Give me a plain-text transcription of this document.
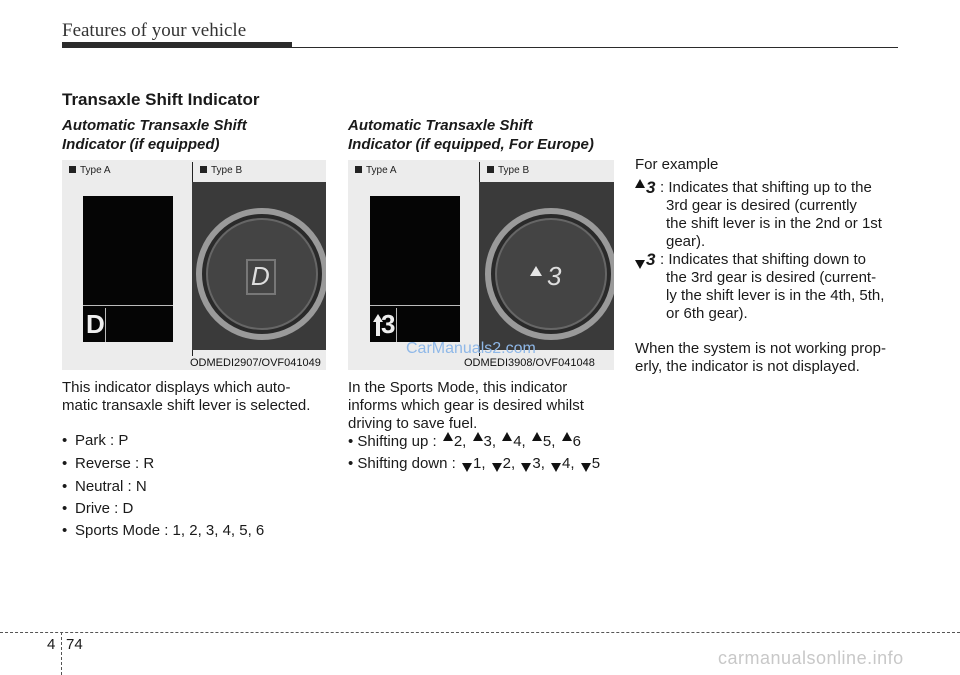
Features of your vehicle
Transaxle Shift Indicator
Automatic Transaxle Shift
Indicator (if equipped)
Type A	Type B
D
D
ODMEDI2907/OVF041049
This indicator displays which auto-
matic transaxle shift lever is selected.
• Park : P
• Reverse : R
• Neutral : N
• Drive : D
• Sports Mode : 1, 2, 3, 4, 5, 6
Automatic Transaxle Shift
Indicator (if equipped, For Europe)
Type A	Type B
3
3
CarManuals2.com
ODMEDI3908/OVF041048
In the Sports Mode, this indicator
informs which gear is desired whilst
driving to save fuel.
• Shifting up : 2, 3, 4, 5, 6
• Shifting down : 1, 2, 3, 4, 5
For example
3 : Indicates that shifting up to the
3rd gear is desired (currently
the shift lever is in the 2nd or 1st
gear).
3 : Indicates that shifting down to
the 3rd gear is desired (current-
ly the shift lever is in the 4th, 5th,
or 6th gear).
When the system is not working prop-
erly, the indicator is not displayed.
4 74
carmanualsonline.info
